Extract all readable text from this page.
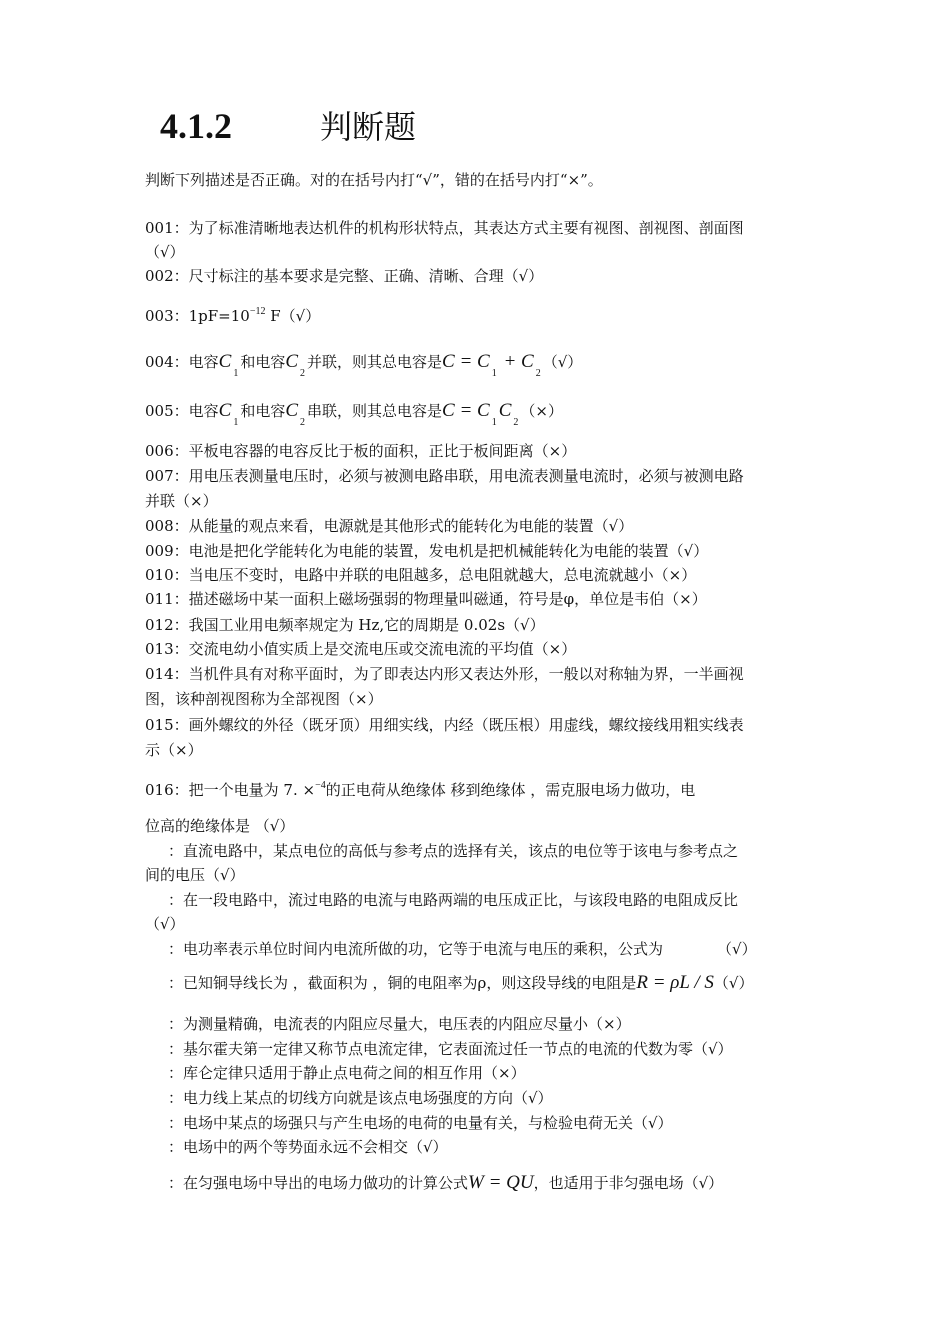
4.1.2	判断题
判断下列描述是否正确。对的在括号内打“√”，错的在括号内打“×”。
001：为了标准清晰地表达机件的机构形状特点，其表达方式主要有视图、剖视图、剖面图
（√）
002：尺寸标注的基本要求是完整、正确、清晰、合理（√）
003：$1pF=10^{-12}$ F（√）
004：电容$C_1$和电容$C_2$并联，则其总电容是$C = C_1 + C_2(√)$
005：电容$C_1$和电容$C_2$串联，则其总电容是$C = C_1C_2(\times)$
006：平板电容器的电容反比于板的面积，正比于板间距离（×）
007：用电压表测量电压时，必须与被测电路串联，用电流表测量电流时，必须与被测电路
并联（×）
008：从能量的观点来看，电源就是其他形式的能转化为电能的装置（√）
009：电池是把化学能转化为电能的装置，发电机是把机械能转化为电能的装置（√）
010：当电压不变时，电路中并联的电阻越多，总电阻就越大，总电流就越小（×）
011：描述磁场中某一面积上磁场强弱的物理量叫磁通，符号是φ，单位是韦伯（×）
012：我国工业用电频率规定为 Hz,它的周期是 0.02s（√）
013：交流电幼小值实质上是交流电压或交流电流的平均值（×）
014：当机件具有对称平面时，为了即表达内形又表达外形，一般以对称轴为界，一半画视
图，该种剖视图称为全部视图（×）
015：画外螺纹的外径（既牙顶）用细实线，内经（既压根）用虚线，螺纹接线用粗实线表
示（×）
016：把一个电量为 7. ×$^{-4}$的正电荷从绝缘体 移到绝缘体 ，需克服电场力做功，电
位高的绝缘体是 （√）
：直流电路中，某点电位的高低与参考点的选择有关，该点的电位等于该电与参考点之
间的电压（√）
：在一段电路中，流过电路的电流与电路两端的电压成正比，与该段电路的电阻成反比
（√）
：电功率表示单位时间内电流所做的功，它等于电流与电压的乘积，公式为	（√）
：已知铜导线长为 ，截面积为 ，铜的电阻率为ρ，则这段导线的电阻是R = ρL / S（√）
：为测量精确，电流表的内阻应尽量大，电压表的内阻应尽量小（×）
：基尔霍夫第一定律又称节点电流定律，它表面流过任一节点的电流的代数为零（√）
：库仑定律只适用于静止点电荷之间的相互作用（×）
：电力线上某点的切线方向就是该点电场强度的方向（√）
：电场中某点的场强只与产生电场的电荷的电量有关，与检验电荷无关（√）
：电场中的两个等势面永远不会相交（√）
：在匀强电场中导出的电场力做功的计算公式W = QU，也适用于非匀强电场（√）
